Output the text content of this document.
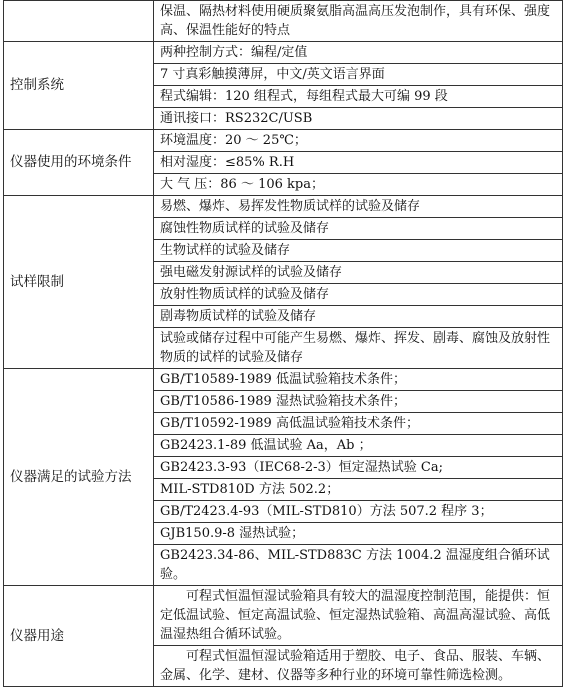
	保温、隔热材料使用硬质聚氨脂高温高压发泡制作，具有环保、强度高、保温性能好的特点
控制系统	两种控制方式：编程/定值
	7 寸真彩触摸薄屏，中文/英文语言界面
	程式编辑：120 组程式，每组程式最大可编 99 段
	通讯接口：RS232C/USB
仪器使用的环境条件	环境温度：20 ～ 25℃；
	相对湿度：≤85% R.H
	大 气 压：86 ～ 106 kpa；
试样限制	易燃、爆炸、易挥发性物质试样的试验及储存
	腐蚀性物质试样的试验及储存
	生物试样的试验及储存
	强电磁发射源试样的试验及储存
	放射性物质试样的试验及储存
	剧毒物质试样的试验及储存
	试验或储存过程中可能产生易燃、爆炸、挥发、剧毒、腐蚀及放射性物质的试样的试验及储存
仪器满足的试验方法	GB/T10589-1989 低温试验箱技术条件；
	GB/T10586-1989 湿热试验箱技术条件；
	GB/T10592-1989 高低温试验箱技术条件；
	GB2423.1-89 低温试验 Aa，Ab ；
	GB2423.3-93（IEC68-2-3）恒定湿热试验 Ca;
	MIL-STD810D 方法 502.2；
	GB/T2423.4-93（MIL-STD810）方法 507.2 程序 3；
	GJB150.9-8 湿热试验；
	GB2423.34-86、MIL-STD883C 方法 1004.2 温湿度组合循环试验。
仪器用途	可程式恒温恒湿试验箱具有较大的温湿度控制范围，能提供：恒定低温试验、恒定高温试验、恒定湿热试验箱、高温高湿试验、高低温湿热组合循环试验。
	可程式恒温恒湿试验箱适用于塑胶、电子、食品、服装、车辆、金属、化学、建材、仪器等多种行业的环境可靠性筛选检测。
